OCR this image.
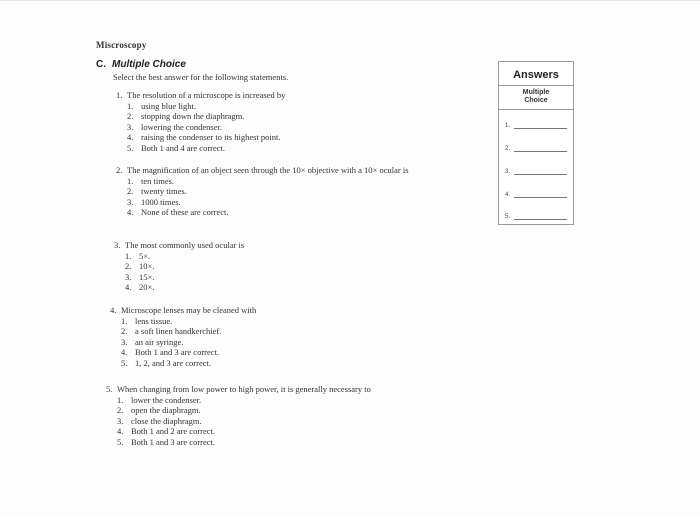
Miscroscopy
C. Multiple Choice
Select the best answer for the following statements.
1. The resolution of a microscope is increased by
1. using blue light.
2. stopping down the diaphragm.
3. lowering the condenser.
4. raising the condenser to its highest point.
5. Both 1 and 4 are correct.
2. The magnification of an object seen through the 10× objective with a 10× ocular is
1. ten times.
2. twenty times.
3. 1000 times.
4. None of these are correct.
3. The most commonly used ocular is
1. 5×.
2. 10×.
3. 15×.
4. 20×.
4. Microscope lenses may be cleaned with
1. lens tissue.
2. a soft linen handkerchief.
3. an air syringe.
4. Both 1 and 3 are correct.
5. 1, 2, and 3 are correct.
5. When changing from low power to high power, it is generally necessary to
1. lower the condenser.
2. open the diaphragm.
3. close the diaphragm.
4. Both 1 and 2 are correct.
5. Both 1 and 3 are correct.
Answers
Multiple
Choice
1.
2.
3.
4.
5.
